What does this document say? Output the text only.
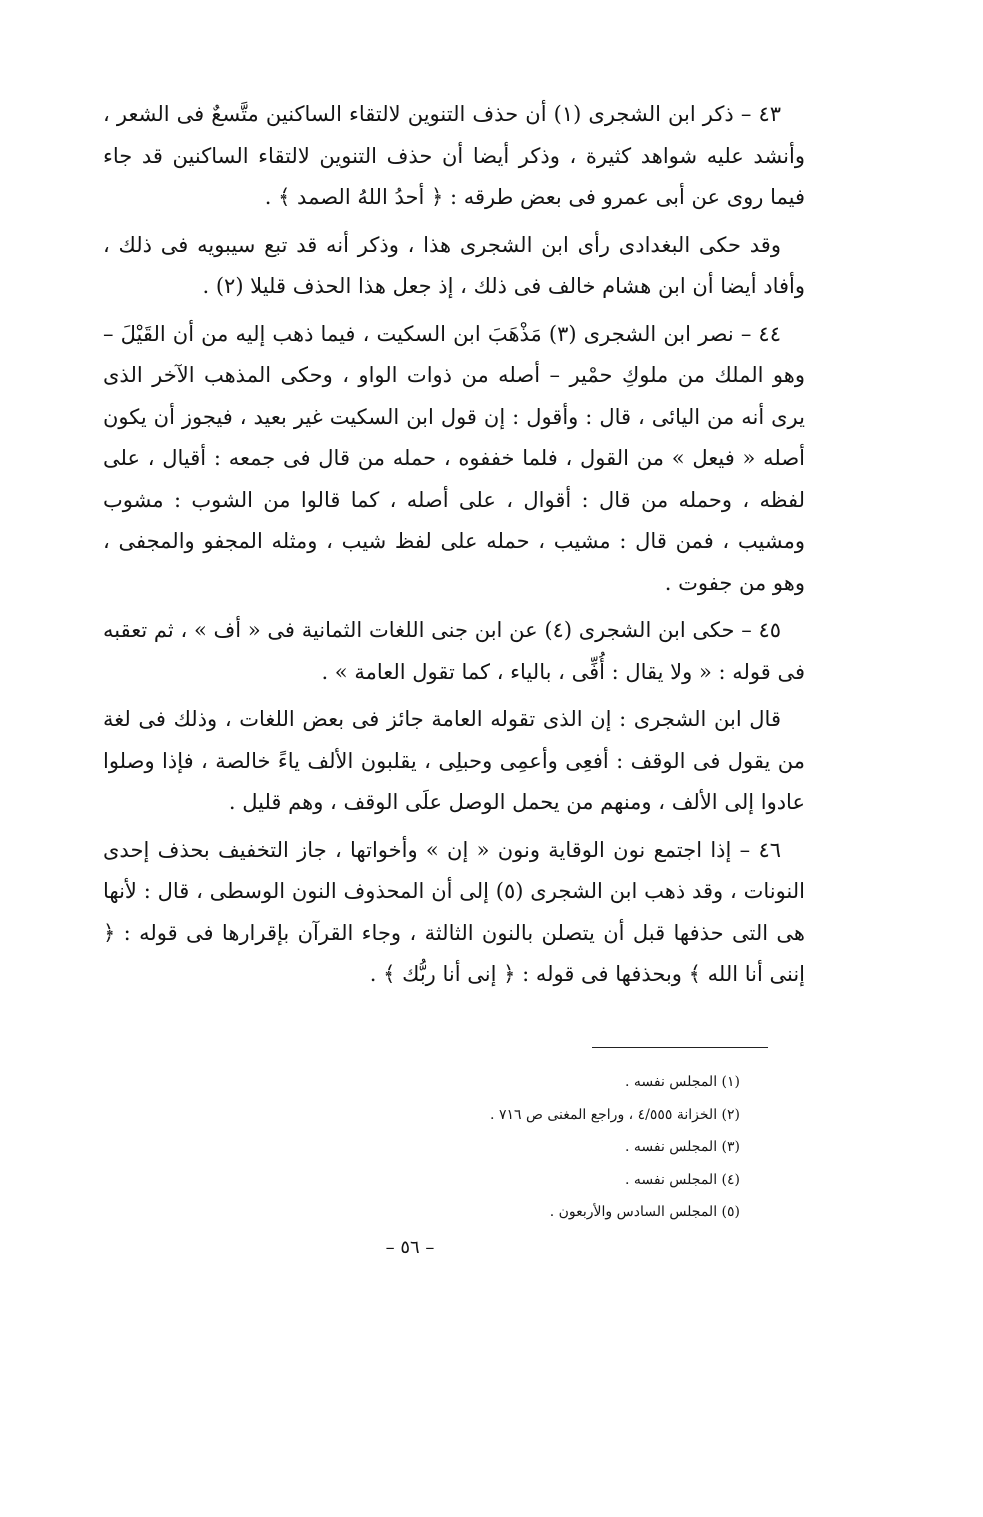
٤٣ – ذكر ابن الشجرى (١) أن حذف التنوين لالتقاء الساكنين متَّسعٌ فى الشعر ، وأنشد عليه شواهد كثيرة ، وذكر أيضا أن حذف التنوين لالتقاء الساكنين قد جاء فيما روى عن أبى عمرو فى بعض طرقه : ﴿ أحدُ اللهُ الصمد ﴾ .

وقد حكى البغدادى رأى ابن الشجرى هذا ، وذكر أنه قد تبع سيبويه فى ذلك ، وأفاد أيضا أن ابن هشام خالف فى ذلك ، إذ جعل هذا الحذف قليلا (٢) .

٤٤ – نصر ابن الشجرى (٣) مَذْهَبَ ابن السكيت ، فيما ذهب إليه من أن القَيْلَ – وهو الملك من ملوكِ حمْير – أصله من ذوات الواو ، وحكى المذهب الآخر الذى يرى أنه من اليائى ، قال : وأقول : إن قول ابن السكيت غير بعيد ، فيجوز أن يكون أصله « فيعل » من القول ، فلما خففوه ، حمله من قال فى جمعه : أقيال ، على لفظه ، وحمله من قال : أقوال ، على أصله ، كما قالوا من الشوب : مشوب ومشيب ، فمن قال : مشيب ، حمله على لفظ شيب ، ومثله المجفو والمجفى ، وهو من جفوت .

٤٥ – حكى ابن الشجرى (٤) عن ابن جنى اللغات الثمانية فى « أف » ، ثم تعقبه فى قوله : « ولا يقال : أُفِّى ، بالياء ، كما تقول العامة » .

قال ابن الشجرى : إن الذى تقوله العامة جائز فى بعض اللغات ، وذلك فى لغة من يقول فى الوقف : أفعِى وأعمِى وحبلِى ، يقلبون الألف ياءً خالصة ، فإذا وصلوا عادوا إلى الألف ، ومنهم من يحمل الوصل علَى الوقف ، وهم قليل .

٤٦ – إذا اجتمع نون الوقاية ونون « إن » وأخواتها ، جاز التخفيف بحذف إحدى النونات ، وقد ذهب ابن الشجرى (٥) إلى أن المحذوف النون الوسطى ، قال : لأنها هى التى حذفها قبل أن يتصلن بالنون الثالثة ، وجاء القرآن بإقرارها فى قوله : ﴿ إننى أنا الله ﴾ وبحذفها فى قوله : ﴿ إنى أنا ربُّك ﴾ .

(١) المجلس نفسه .
(٢) الخزانة ٤/٥٥٥ ، وراجع المغنى ص ٧١٦ .
(٣) المجلس نفسه .
(٤) المجلس نفسه .
(٥) المجلس السادس والأربعون .
– ٥٦ –
